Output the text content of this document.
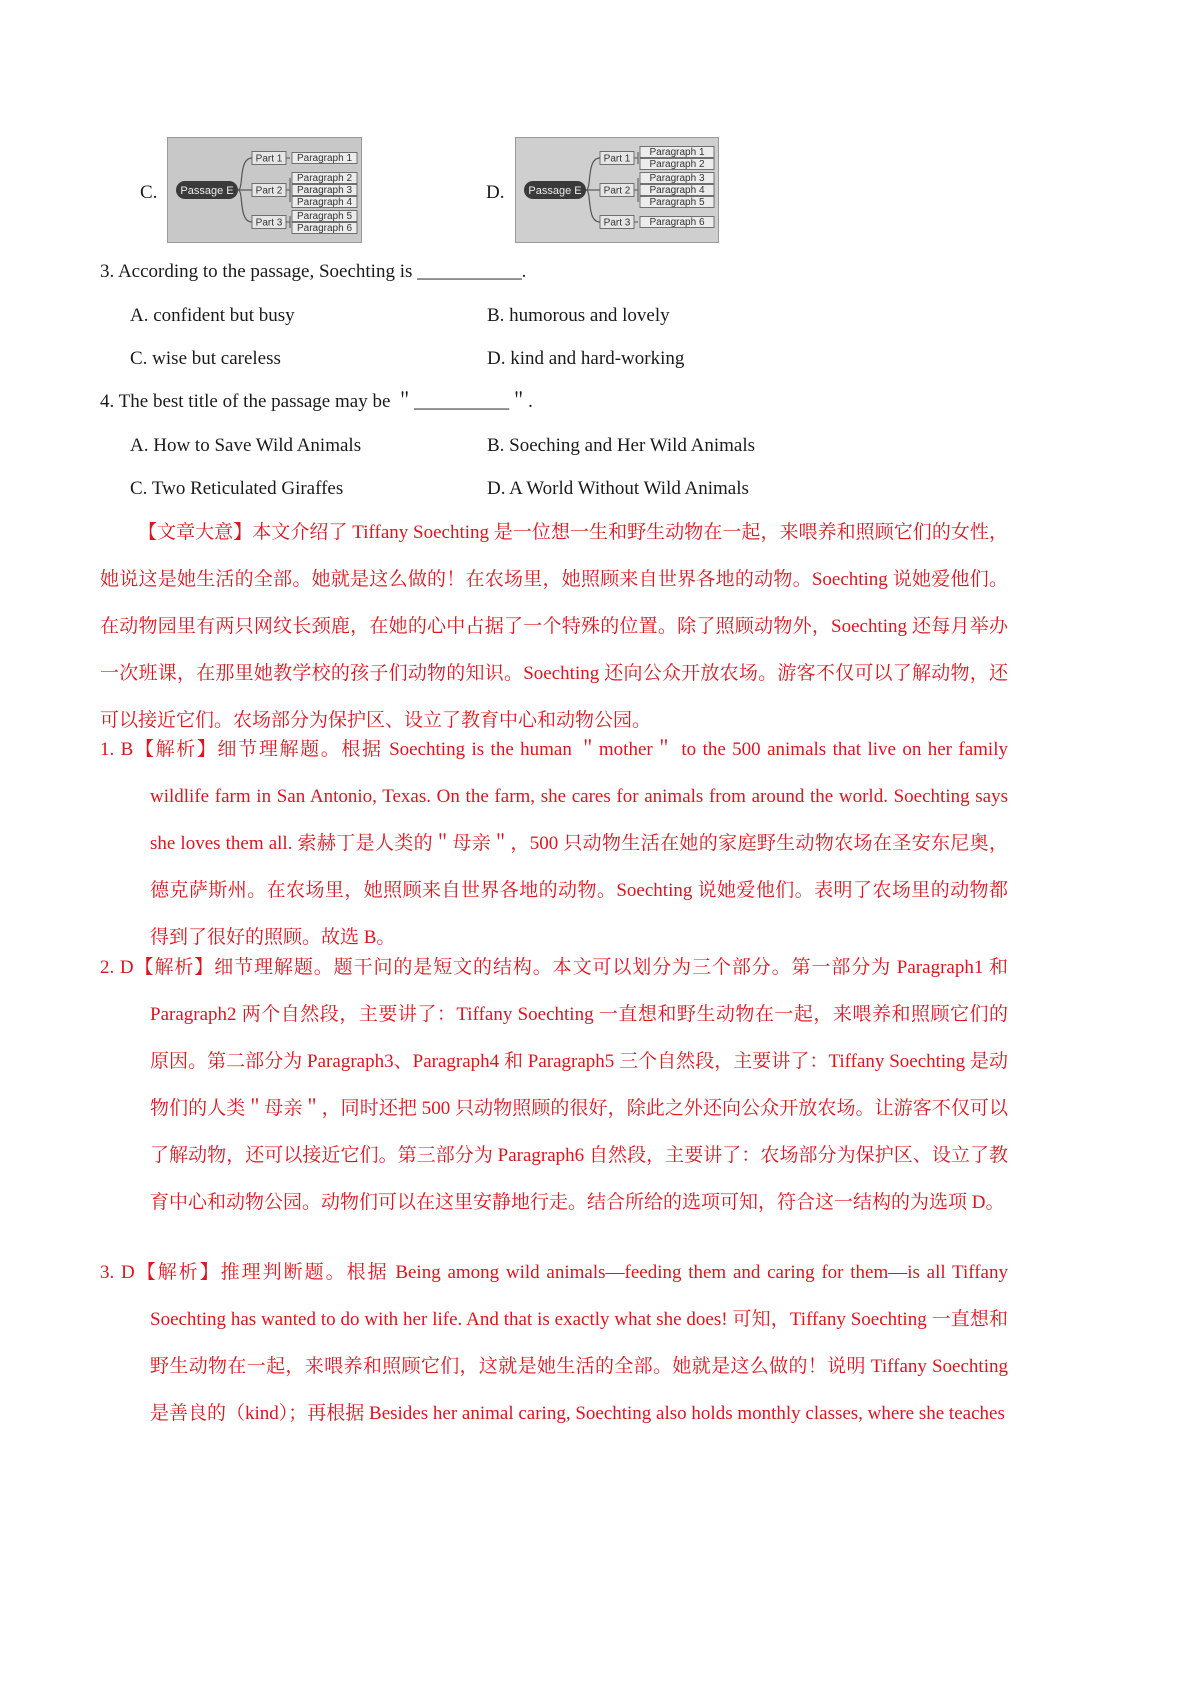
C. Passage E
Part 1 Paragraph 1
Part 2
Paragraph 2
Paragraph 3
Paragraph 4
Part 3
Paragraph 5
Paragraph 6
D. Passage E
Part 1
Paragraph 1
Paragraph 2
Part 2
Paragraph 3
Paragraph 4
Paragraph 5
Part 3 Paragraph 6
3. According to the passage, Soechting is ___________.
A. confident but busy	B. humorous and lovely
C. wise but careless	D. kind and hard-working
4. The best title of the passage may be ＂__________＂.
A. How to Save Wild Animals	B. Soeching and Her Wild Animals
C. Two Reticulated Giraffes	D. A World Without Wild Animals
【文章大意】本文介绍了 Tiffany Soechting 是一位想一生和野生动物在一起，来喂养和照顾它们的女性，她说这是她生活的全部。她就是这么做的！在农场里，她照顾来自世界各地的动物。Soechting 说她爱他们。在动物园里有两只网纹长颈鹿，在她的心中占据了一个特殊的位置。除了照顾动物外，Soechting 还每月举办一次班课，在那里她教学校的孩子们动物的知识。Soechting 还向公众开放农场。游客不仅可以了解动物，还可以接近它们。农场部分为保护区、设立了教育中心和动物公园。
1. B【解析】细节理解题。根据 Soechting is the human ＂mother＂ to the 500 animals that live on her family wildlife farm in San Antonio, Texas. On the farm, she cares for animals from around the world. Soechting says she loves them all. 索赫丁是人类的＂母亲＂，500 只动物生活在她的家庭野生动物农场在圣安东尼奥，德克萨斯州。在农场里，她照顾来自世界各地的动物。Soechting 说她爱他们。表明了农场里的动物都得到了很好的照顾。故选 B。
2. D【解析】细节理解题。题干问的是短文的结构。本文可以划分为三个部分。第一部分为 Paragraph1 和 Paragraph2 两个自然段，主要讲了：Tiffany Soechting 一直想和野生动物在一起，来喂养和照顾它们的原因。第二部分为 Paragraph3、Paragraph4 和 Paragraph5 三个自然段，主要讲了：Tiffany Soechting 是动物们的人类＂母亲＂，同时还把 500 只动物照顾的很好，除此之外还向公众开放农场。让游客不仅可以了解动物，还可以接近它们。第三部分为 Paragraph6 自然段，主要讲了：农场部分为保护区、设立了教育中心和动物公园。动物们可以在这里安静地行走。结合所给的选项可知，符合这一结构的为选项 D。
3. D【解析】推理判断题。根据 Being among wild animals—feeding them and caring for them—is all Tiffany Soechting has wanted to do with her life. And that is exactly what she does! 可知，Tiffany Soechting 一直想和野生动物在一起，来喂养和照顾它们，这就是她生活的全部。她就是这么做的！说明 Tiffany Soechting 是善良的（kind）；再根据 Besides her animal caring, Soechting also holds monthly classes, where she teaches
